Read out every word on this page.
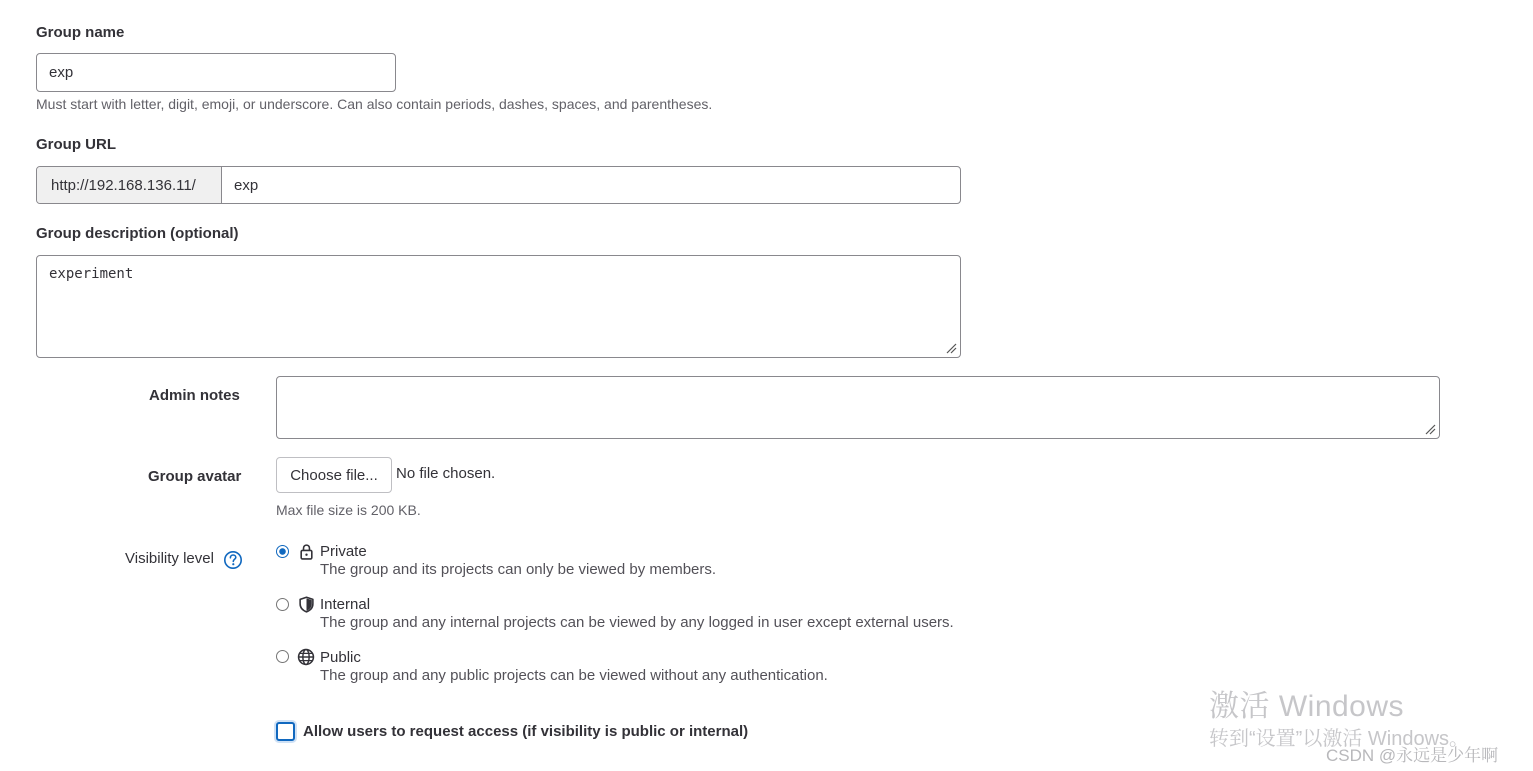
Group name
exp
Must start with letter, digit, emoji, or underscore. Can also contain periods, dashes, spaces, and parentheses.
Group URL
http://192.168.136.11/	exp
Group description (optional)
experiment
Admin notes
Group avatar	Choose file...	No file chosen.
Max file size is 200 KB.
Visibility level	Private
The group and its projects can only be viewed by members.
Internal
The group and any internal projects can be viewed by any logged in user except external users.
Public
The group and any public projects can be viewed without any authentication.
Allow users to request access (if visibility is public or internal)
激活 Windows
转到“设置”以激活 Windows。
CSDN @永远是少年啊
